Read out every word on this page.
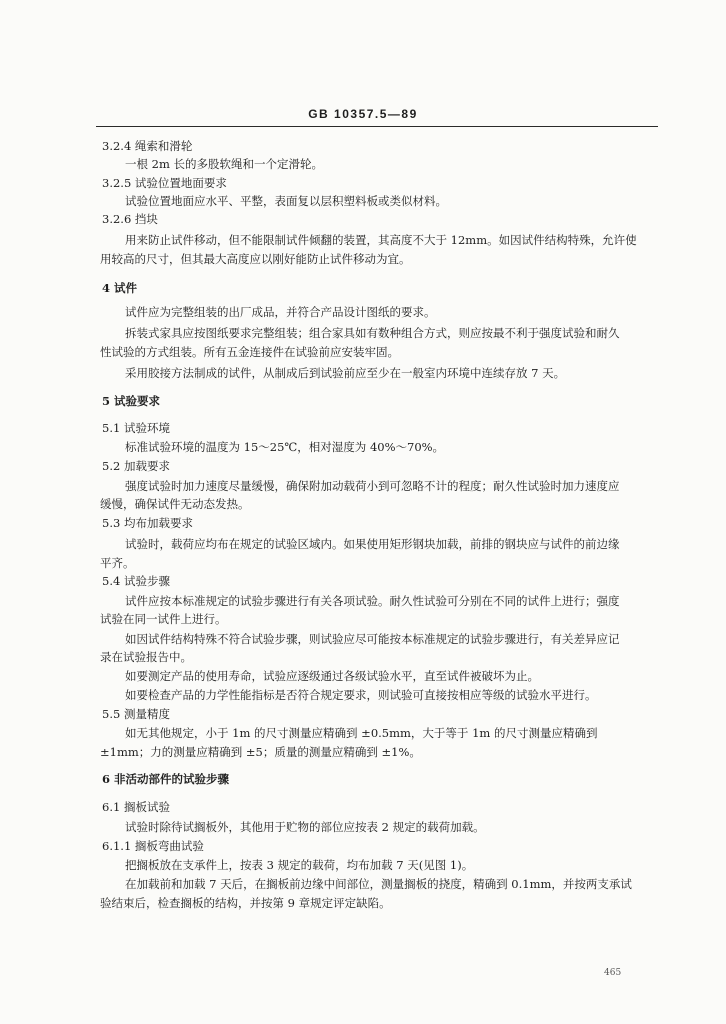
GB 10357.5—89
3.2.4 绳索和滑轮
一根 2m 长的多股软绳和一个定滑轮。
3.2.5 试验位置地面要求
试验位置地面应水平、平整，表面复以层积塑料板或类似材料。
3.2.6 挡块
用来防止试件移动，但不能限制试件倾翻的装置，其高度不大于 12mm。如因试件结构特殊，允许使
用较高的尺寸，但其最大高度应以刚好能防止试件移动为宜。
4 试件
试件应为完整组装的出厂成品，并符合产品设计图纸的要求。
拆装式家具应按图纸要求完整组装；组合家具如有数种组合方式，则应按最不利于强度试验和耐久
性试验的方式组装。所有五金连接件在试验前应安装牢固。
采用胶接方法制成的试件，从制成后到试验前应至少在一般室内环境中连续存放 7 天。
5 试验要求
5.1 试验环境
标准试验环境的温度为 15～25℃，相对湿度为 40%～70%。
5.2 加载要求
强度试验时加力速度尽量缓慢，确保附加动载荷小到可忽略不计的程度；耐久性试验时加力速度应
缓慢，确保试件无动态发热。
5.3 均布加载要求
试验时，载荷应均布在规定的试验区域内。如果使用矩形钢块加载，前排的钢块应与试件的前边缘
平齐。
5.4 试验步骤
试件应按本标准规定的试验步骤进行有关各项试验。耐久性试验可分别在不同的试件上进行；强度
试验在同一试件上进行。
如因试件结构特殊不符合试验步骤，则试验应尽可能按本标准规定的试验步骤进行，有关差异应记
录在试验报告中。
如要测定产品的使用寿命，试验应逐级通过各级试验水平，直至试件被破坏为止。
如要检查产品的力学性能指标是否符合规定要求，则试验可直接按相应等级的试验水平进行。
5.5 测量精度
如无其他规定，小于 1m 的尺寸测量应精确到 ±0.5mm，大于等于 1m 的尺寸测量应精确到
±1mm；力的测量应精确到 ±5；质量的测量应精确到 ±1%。
6 非活动部件的试验步骤
6.1 搁板试验
试验时除待试搁板外，其他用于贮物的部位应按表 2 规定的载荷加载。
6.1.1 搁板弯曲试验
把搁板放在支承件上，按表 3 规定的载荷，均布加载 7 天(见图 1)。
在加载前和加载 7 天后，在搁板前边缘中间部位，测量搁板的挠度，精确到 0.1mm，并按两支承试
验结束后，检查搁板的结构，并按第 9 章规定评定缺陷。
465
